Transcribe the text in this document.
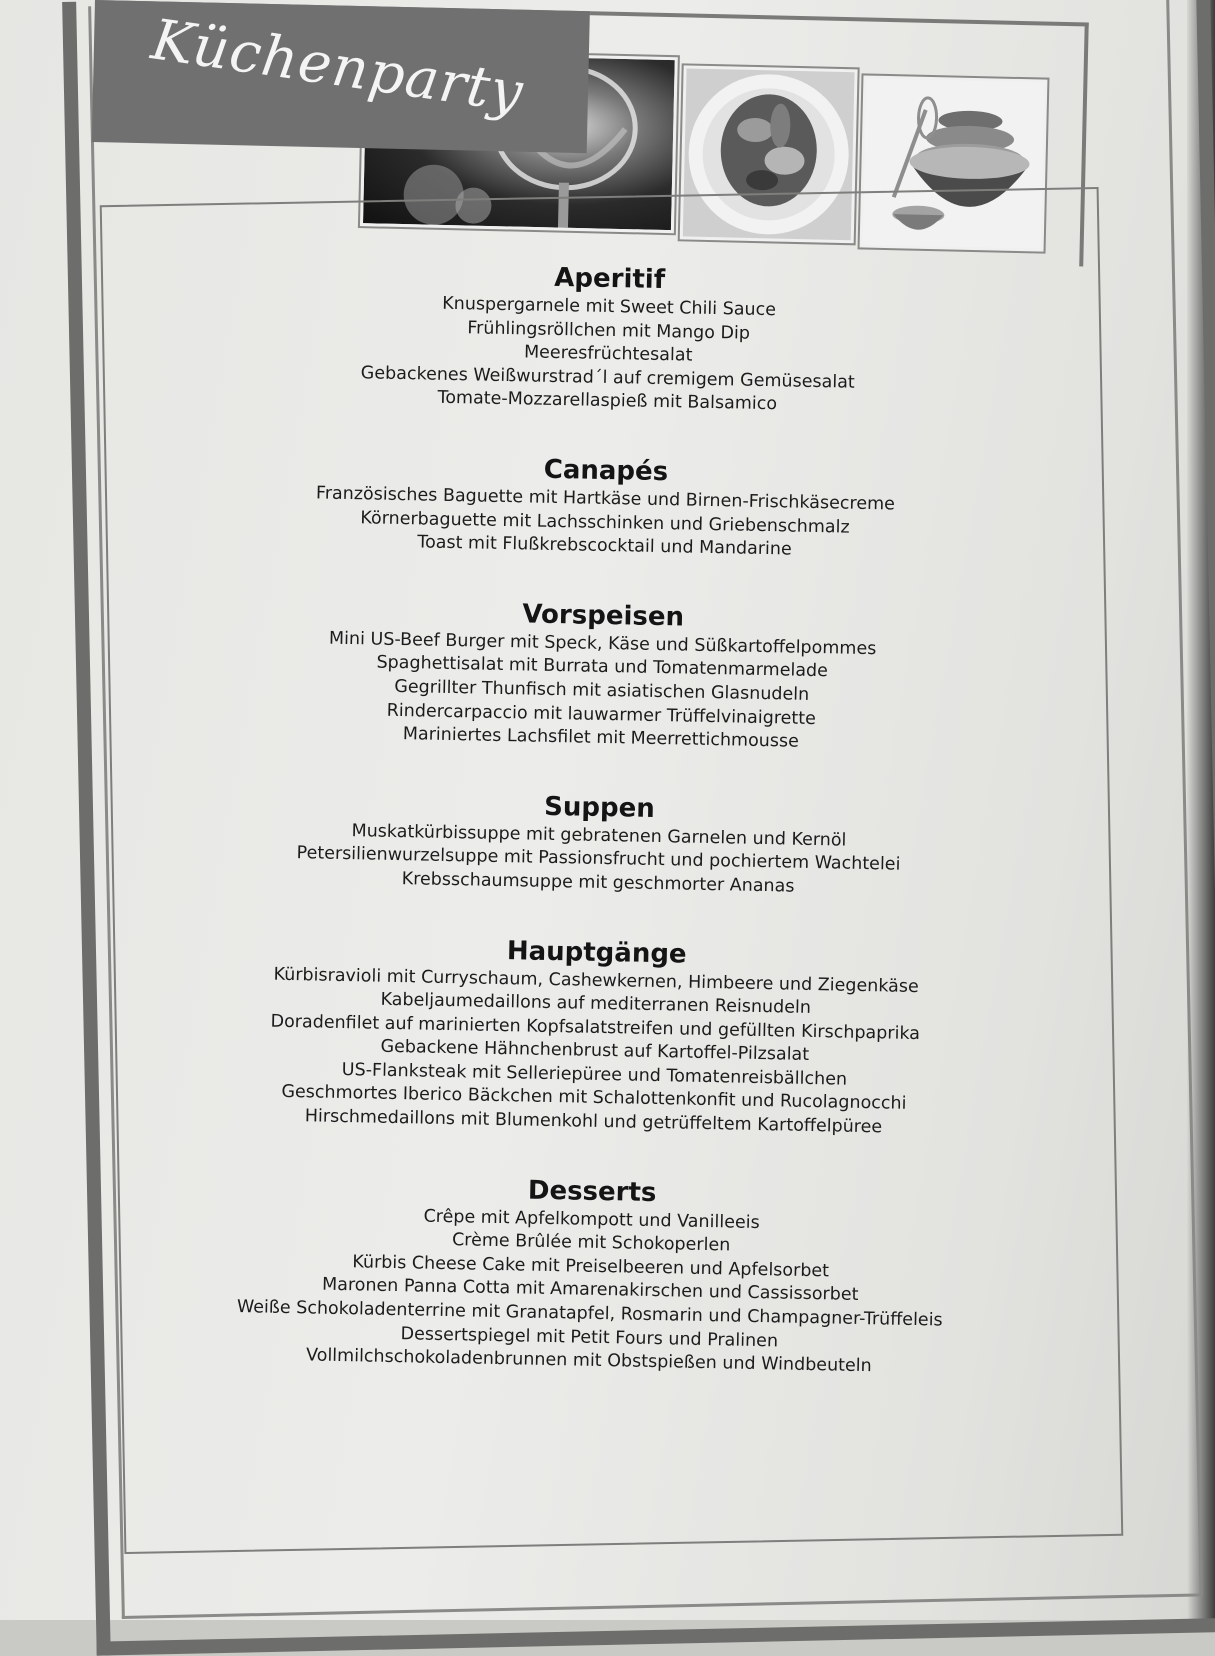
Küchenparty
Aperitif
Knuspergarnele mit Sweet Chili Sauce
Frühlingsröllchen mit Mango Dip
Meeresfrüchtesalat
Gebackenes Weißwurstrad´l auf cremigem Gemüsesalat
Tomate-Mozzarellaspieß mit Balsamico
Canapés
Französisches Baguette mit Hartkäse und Birnen-Frischkäsecreme
Körnerbaguette mit Lachsschinken und Griebenschmalz
Toast mit Flußkrebscocktail und Mandarine
Vorspeisen
Mini US-Beef Burger mit Speck, Käse und Süßkartoffelpommes
Spaghettisalat mit Burrata und Tomatenmarmelade
Gegrillter Thunfisch mit asiatischen Glasnudeln
Rindercarpaccio mit lauwarmer Trüffelvinaigrette
Mariniertes Lachsfilet mit Meerrettichmousse
Suppen
Muskatkürbissuppe mit gebratenen Garnelen und Kernöl
Petersilienwurzelsuppe mit Passionsfrucht und pochiertem Wachtelei
Krebsschaumsuppe mit geschmorter Ananas
Hauptgänge
Kürbisravioli mit Curryschaum, Cashewkernen, Himbeere und Ziegenkäse
Kabeljaumedaillons auf mediterranen Reisnudeln
Doradenfilet auf marinierten Kopfsalatstreifen und gefüllten Kirschpaprika
Gebackene Hähnchenbrust auf Kartoffel-Pilzsalat
US-Flanksteak mit Selleriepüree und Tomatenreisbällchen
Geschmortes Iberico Bäckchen mit Schalottenkonfit und Rucolagnocchi
Hirschmedaillons mit Blumenkohl und getrüffeltem Kartoffelpüree
Desserts
Crêpe mit Apfelkompott und Vanilleeis
Crème Brûlée mit Schokoperlen
Kürbis Cheese Cake mit Preiselbeeren und Apfelsorbet
Maronen Panna Cotta mit Amarenakirschen und Cassissorbet
Weiße Schokoladenterrine mit Granatapfel, Rosmarin und Champagner-Trüffeleis
Dessertspiegel mit Petit Fours und Pralinen
Vollmilchschokoladenbrunnen mit Obstspießen und Windbeuteln
